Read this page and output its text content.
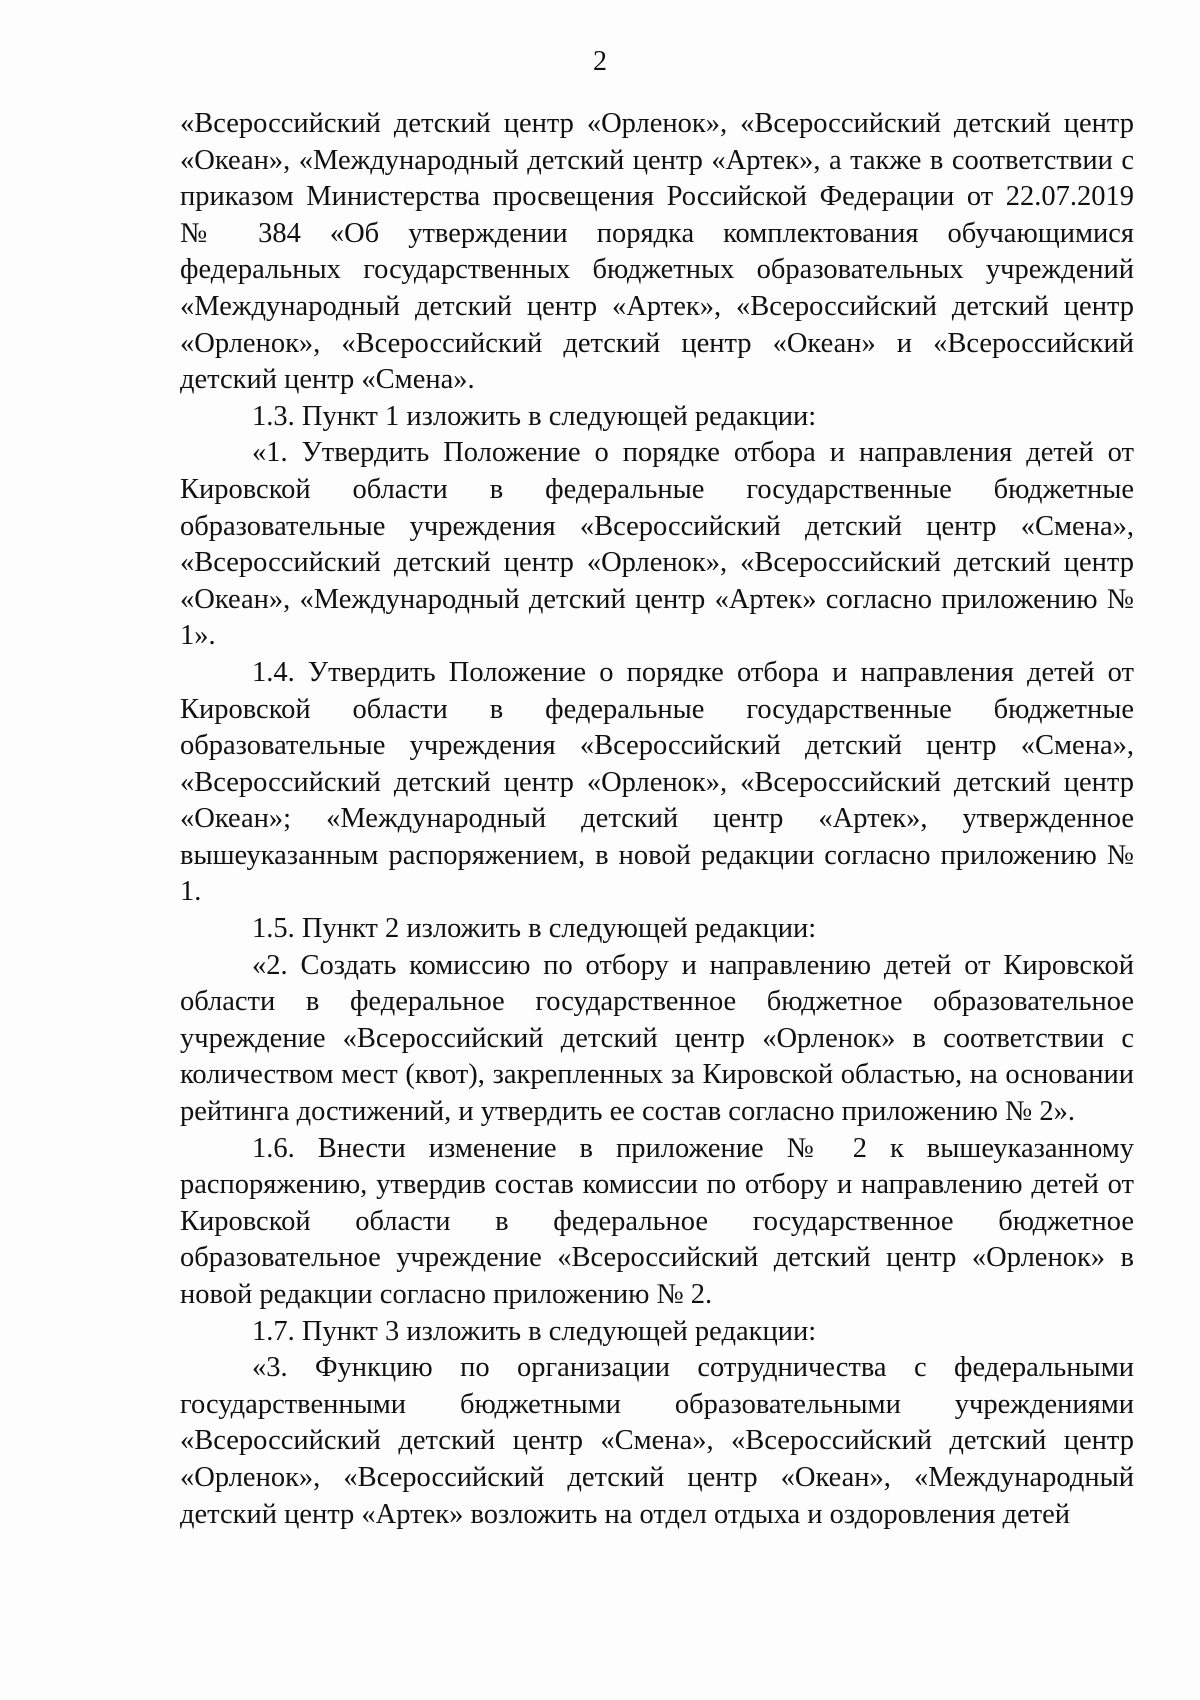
2

«Всероссийский детский центр «Орленок», «Всероссийский детский центр «Океан», «Международный детский центр «Артек», а также в соответствии с приказом Министерства просвещения Российской Федерации от 22.07.2019 № 384 «Об утверждении порядка комплектования обучающимися федеральных государственных бюджетных образовательных учреждений «Международный детский центр «Артек», «Всероссийский детский центр «Орленок», «Всероссийский детский центр «Океан» и «Всероссийский детский центр «Смена».

1.3. Пункт 1 изложить в следующей редакции:

«1. Утвердить Положение о порядке отбора и направления детей от Кировской области в федеральные государственные бюджетные образовательные учреждения «Всероссийский детский центр «Смена», «Всероссийский детский центр «Орленок», «Всероссийский детский центр «Океан», «Международный детский центр «Артек» согласно приложению № 1».

1.4. Утвердить Положение о порядке отбора и направления детей от Кировской области в федеральные государственные бюджетные образовательные учреждения «Всероссийский детский центр «Смена», «Всероссийский детский центр «Орленок», «Всероссийский детский центр «Океан»; «Международный детский центр «Артек», утвержденное вышеуказанным распоряжением, в новой редакции согласно приложению № 1.

1.5. Пункт 2 изложить в следующей редакции:

«2. Создать комиссию по отбору и направлению детей от Кировской области в федеральное государственное бюджетное образовательное учреждение «Всероссийский детский центр «Орленок» в соответствии с количеством мест (квот), закрепленных за Кировской областью, на основании рейтинга достижений, и утвердить ее состав согласно приложению № 2».

1.6. Внести изменение в приложение № 2 к вышеуказанному распоряжению, утвердив состав комиссии по отбору и направлению детей от Кировской области в федеральное государственное бюджетное образовательное учреждение «Всероссийский детский центр «Орленок» в новой редакции согласно приложению № 2.

1.7. Пункт 3 изложить в следующей редакции:

«3. Функцию по организации сотрудничества с федеральными государственными бюджетными образовательными учреждениями «Всероссийский детский центр «Смена», «Всероссийский детский центр «Орленок», «Всероссийский детский центр «Океан», «Международный детский центр «Артек» возложить на отдел отдыха и оздоровления детей
